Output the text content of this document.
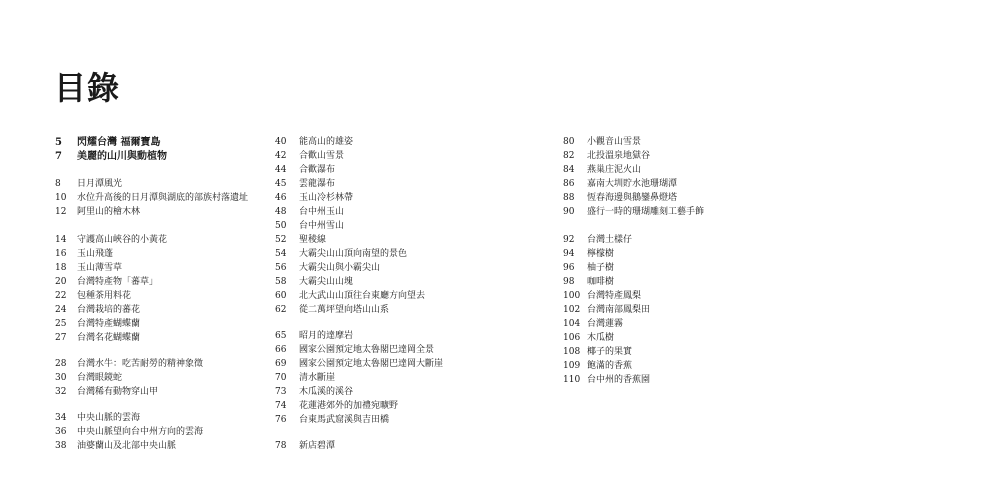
目錄
5	閃耀台灣 福爾寶島
7	美麗的山川與動植物
8	日月潭風光
10	水位升高後的日月潭與湖底的部族村落遺址
12	阿里山的檜木林
14	守護高山峽谷的小黃花
16	玉山飛蓬
18	玉山薄雪草
20	台灣特產物「蕃草」
22	包種茶用料花
24	台灣栽培的蕃花
25	台灣特產蝴蝶蘭
27	台灣名花蝴蝶蘭
28	台灣水牛：吃苦耐勞的精神象徵
30	台灣眼鏡蛇
32	台灣稀有動物穿山甲
34	中央山脈的雲海
36	中央山脈望向台中州方向的雲海
38	油婆蘭山及北部中央山脈
40	能高山的雄姿
42	合歡山雪景
44	合歡瀑布
45	雲龍瀑布
46	玉山冷杉林帶
48	台中州玉山
50	台中州雪山
52	聖稜線
54	大霸尖山山頂向南望的景色
56	大霸尖山與小霸尖山
58	大霸尖山山塊
60	北大武山山頂往台東廳方向望去
62	從二萬坪望向塔山山系
65	昭月的達摩岩
66	國家公園預定地太魯閣巴達岡全景
69	國家公園預定地太魯閣巴達岡大斷崖
70	清水斷崖
73	木瓜溪的溪谷
74	花蓮港郊外的加禮宛曠野
76	台東馬武窟溪與吉田橋
78	新店碧潭
80	小觀音山雪景
82	北投溫泉地獄谷
84	燕巢庄泥火山
86	嘉南大圳貯水池珊瑚潭
88	恆春海邊與鵝鑾鼻燈塔
90	盛行一時的珊瑚雕刻工藝手飾
92	台灣土樣仔
94	檸檬樹
96	柚子樹
98	咖啡樹
100 台灣特產鳳梨
102 台灣南部鳳梨田
104 台灣蓮霧
106 木瓜樹
108 椰子的果實
109 飽滿的香蕉
110 台中州的香蕉園
